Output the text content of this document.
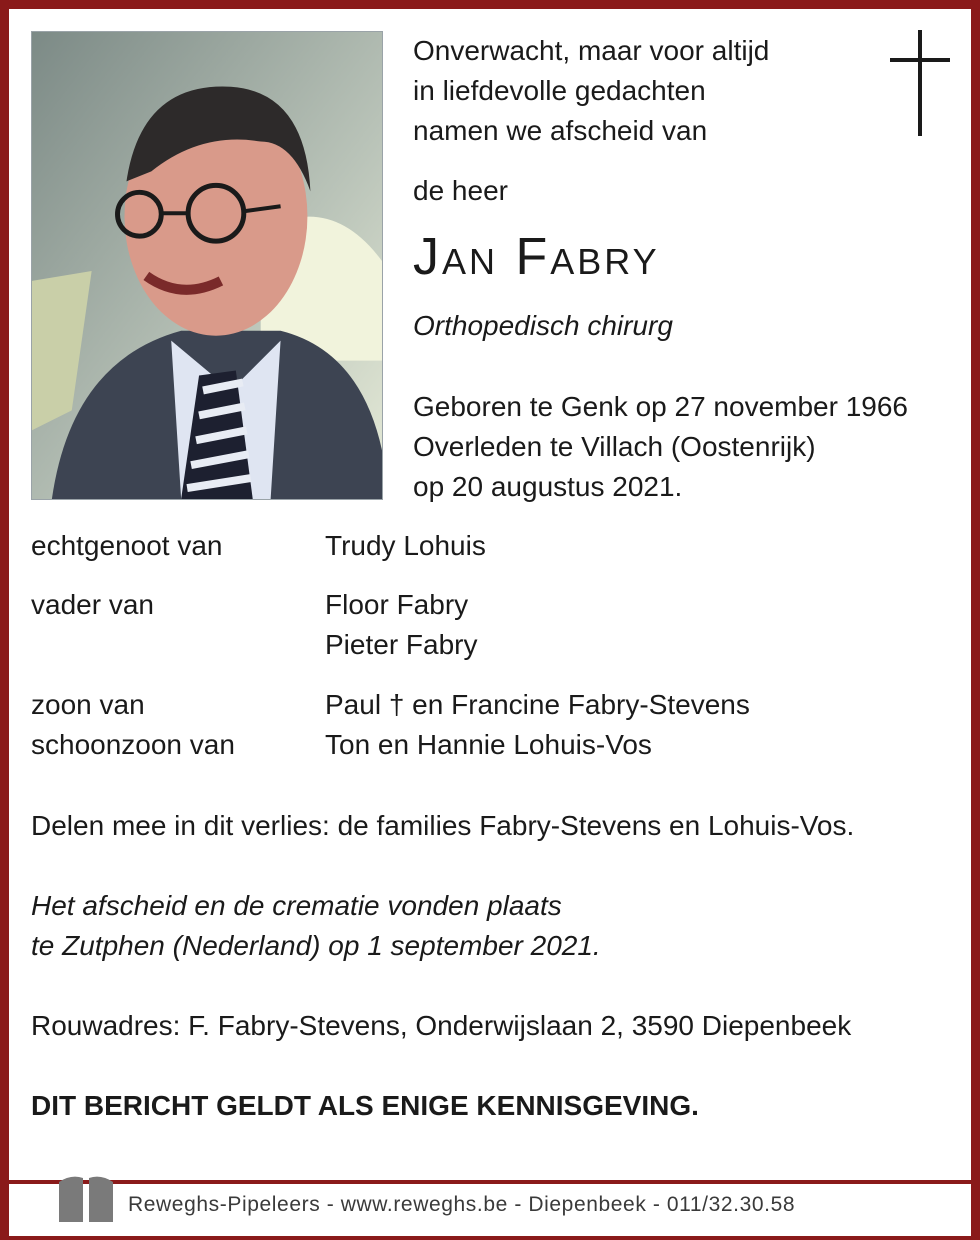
Onverwacht, maar voor altijd
in liefdevolle gedachten
namen we afscheid van
de heer
Jan Fabry
Orthopedisch chirurg
Geboren te Genk op 27 november 1966
Overleden te Villach (Oostenrijk)
op 20 augustus 2021.
echtgenoot van	Trudy Lohuis
vader van	Floor Fabry
Pieter Fabry
zoon van	Paul † en Francine Fabry-Stevens
schoonzoon van	Ton en Hannie Lohuis-Vos
Delen mee in dit verlies: de families Fabry-Stevens en Lohuis-Vos.
Het afscheid en de crematie vonden plaats
te Zutphen (Nederland) op 1 september 2021.
Rouwadres: F. Fabry-Stevens, Onderwijslaan 2, 3590 Diepenbeek
DIT BERICHT GELDT ALS ENIGE KENNISGEVING.
Reweghs-Pipeleers - www.reweghs.be - Diepenbeek - 011/32.30.58
